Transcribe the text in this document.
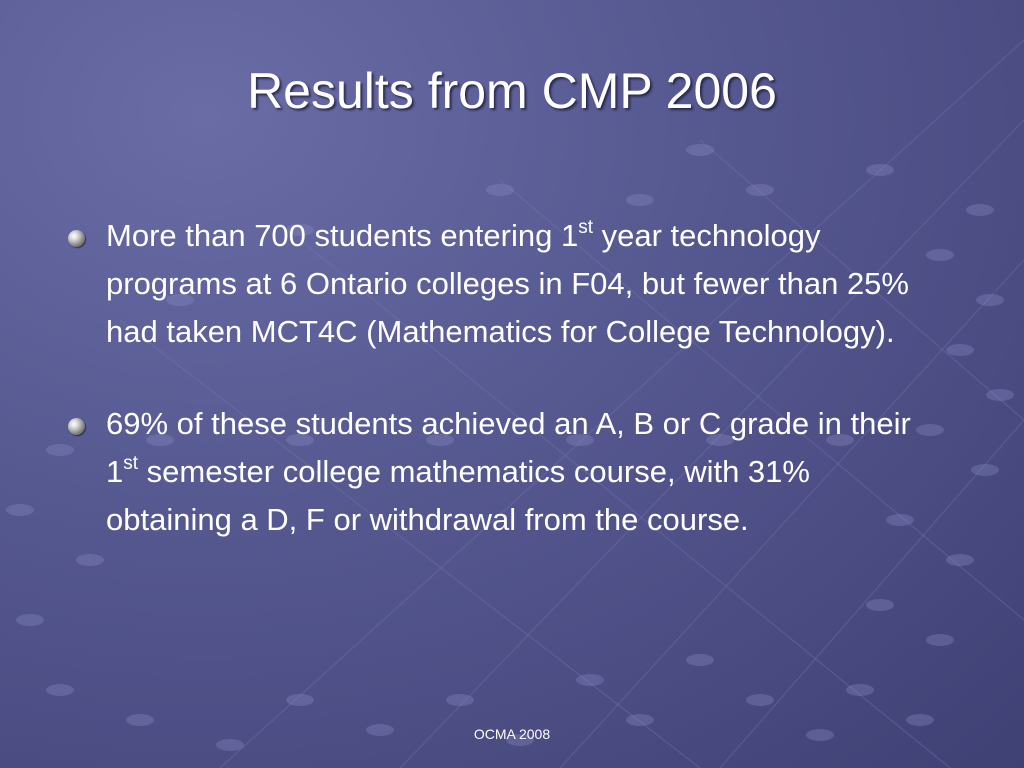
Results from CMP 2006
More than 700 students entering 1st year technology programs at 6 Ontario colleges in F04, but fewer than 25% had taken MCT4C (Mathematics for College Technology).
69% of these students achieved an A, B or C grade in their 1st semester college mathematics course, with 31% obtaining a D, F or withdrawal from the course.
OCMA 2008
